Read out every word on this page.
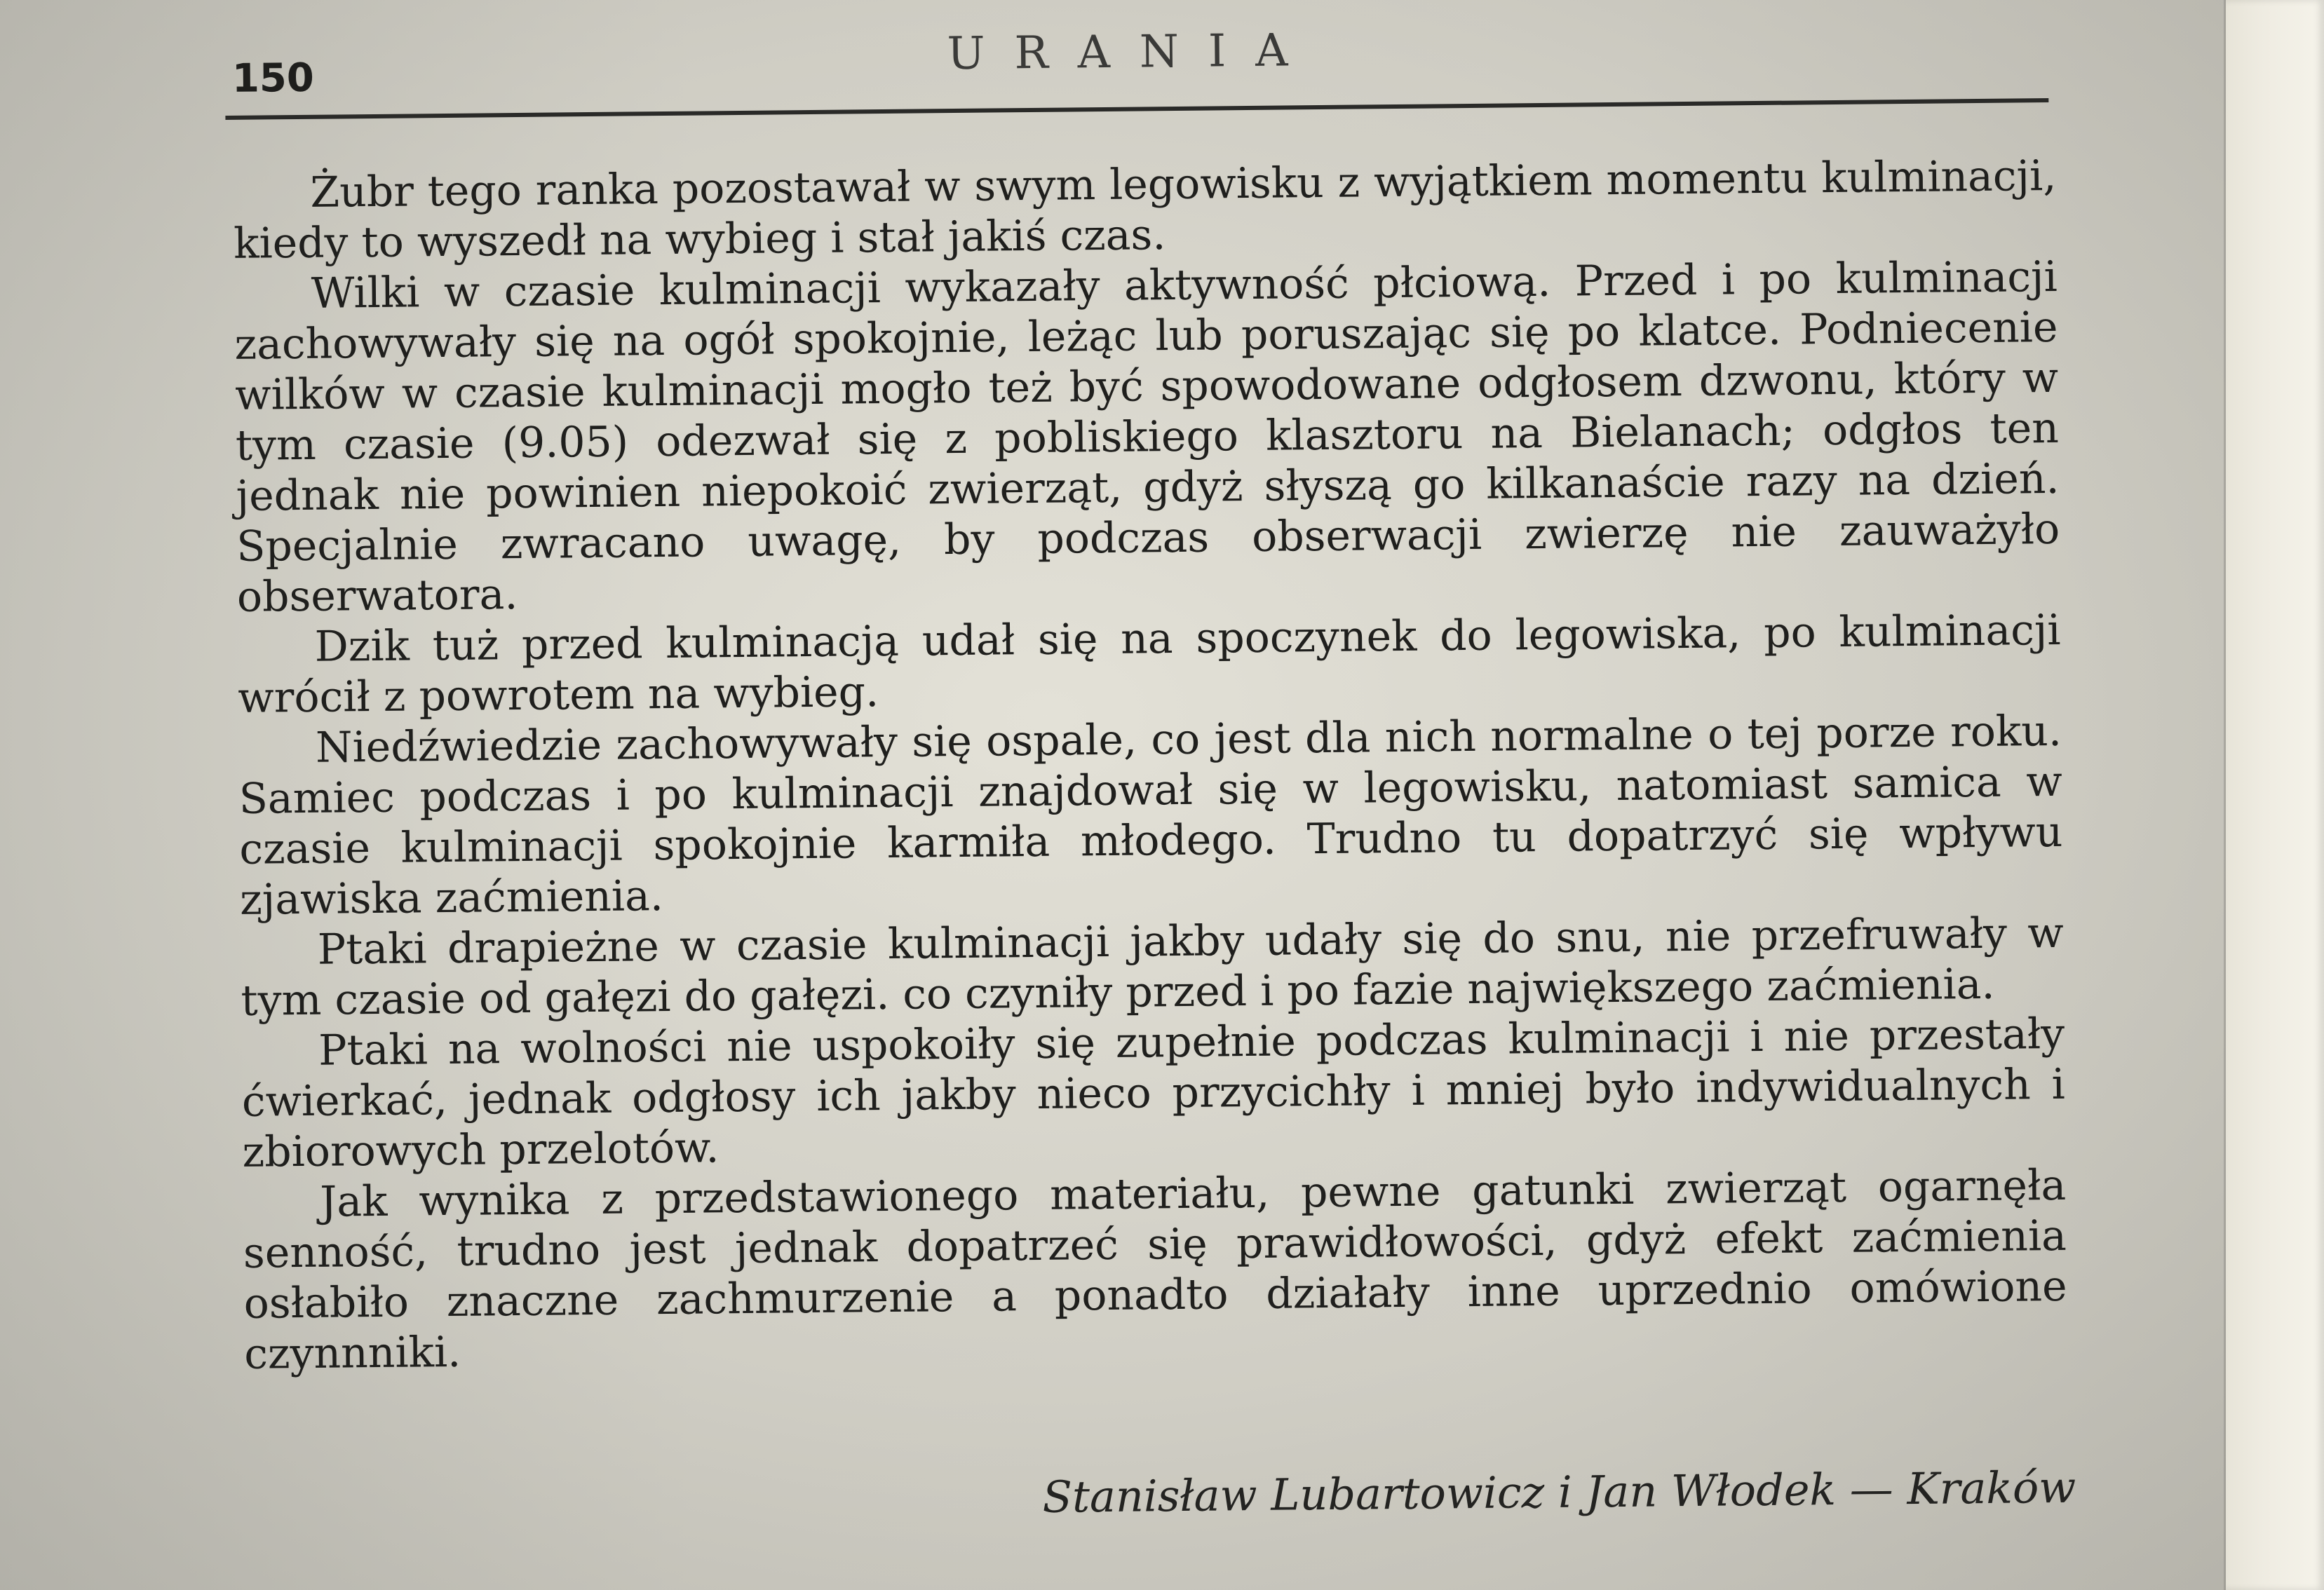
150	URANIA

Żubr tego ranka pozostawał w swym legowisku z wyjątkiem momentu kulminacji, kiedy to wyszedł na wybieg i stał jakiś czas.

Wilki w czasie kulminacji wykazały aktywność płciową. Przed i po kulminacji zachowywały się na ogół spokojnie, leżąc lub poruszając się po klatce. Podniecenie wilków w czasie kulminacji mogło też być spowodowane odgłosem dzwonu, który w tym czasie (9.05) odezwał się z pobliskiego klasztoru na Bielanach; odgłos ten jednak nie powinien niepokoić zwierząt, gdyż słyszą go kilkanaście razy na dzień. Specjalnie zwracano uwagę, by podczas obserwacji zwierzę nie zauważyło obserwatora.

Dzik tuż przed kulminacją udał się na spoczynek do legowiska, po kulminacji wrócił z powrotem na wybieg.

Niedźwiedzie zachowywały się ospale, co jest dla nich normalne o tej porze roku. Samiec podczas i po kulminacji znajdował się w legowisku, natomiast samica w czasie kulminacji spokojnie karmiła młodego. Trudno tu dopatrzyć się wpływu zjawiska zaćmienia.

Ptaki drapieżne w czasie kulminacji jakby udały się do snu, nie przefruwały w tym czasie od gałęzi do gałęzi. co czyniły przed i po fazie największego zaćmienia.

Ptaki na wolności nie uspokoiły się zupełnie podczas kulminacji i nie przestały ćwierkać, jednak odgłosy ich jakby nieco przycichły i mniej było indywidualnych i zbiorowych przelotów.

Jak wynika z przedstawionego materiału, pewne gatunki zwierząt ogarnęła senność, trudno jest jednak dopatrzeć się prawidłowości, gdyż efekt zaćmienia osłabiło znaczne zachmurzenie a ponadto działały inne uprzednio omówione czynnniki.

Stanisław Lubartowicz i Jan Włodek — Kraków
